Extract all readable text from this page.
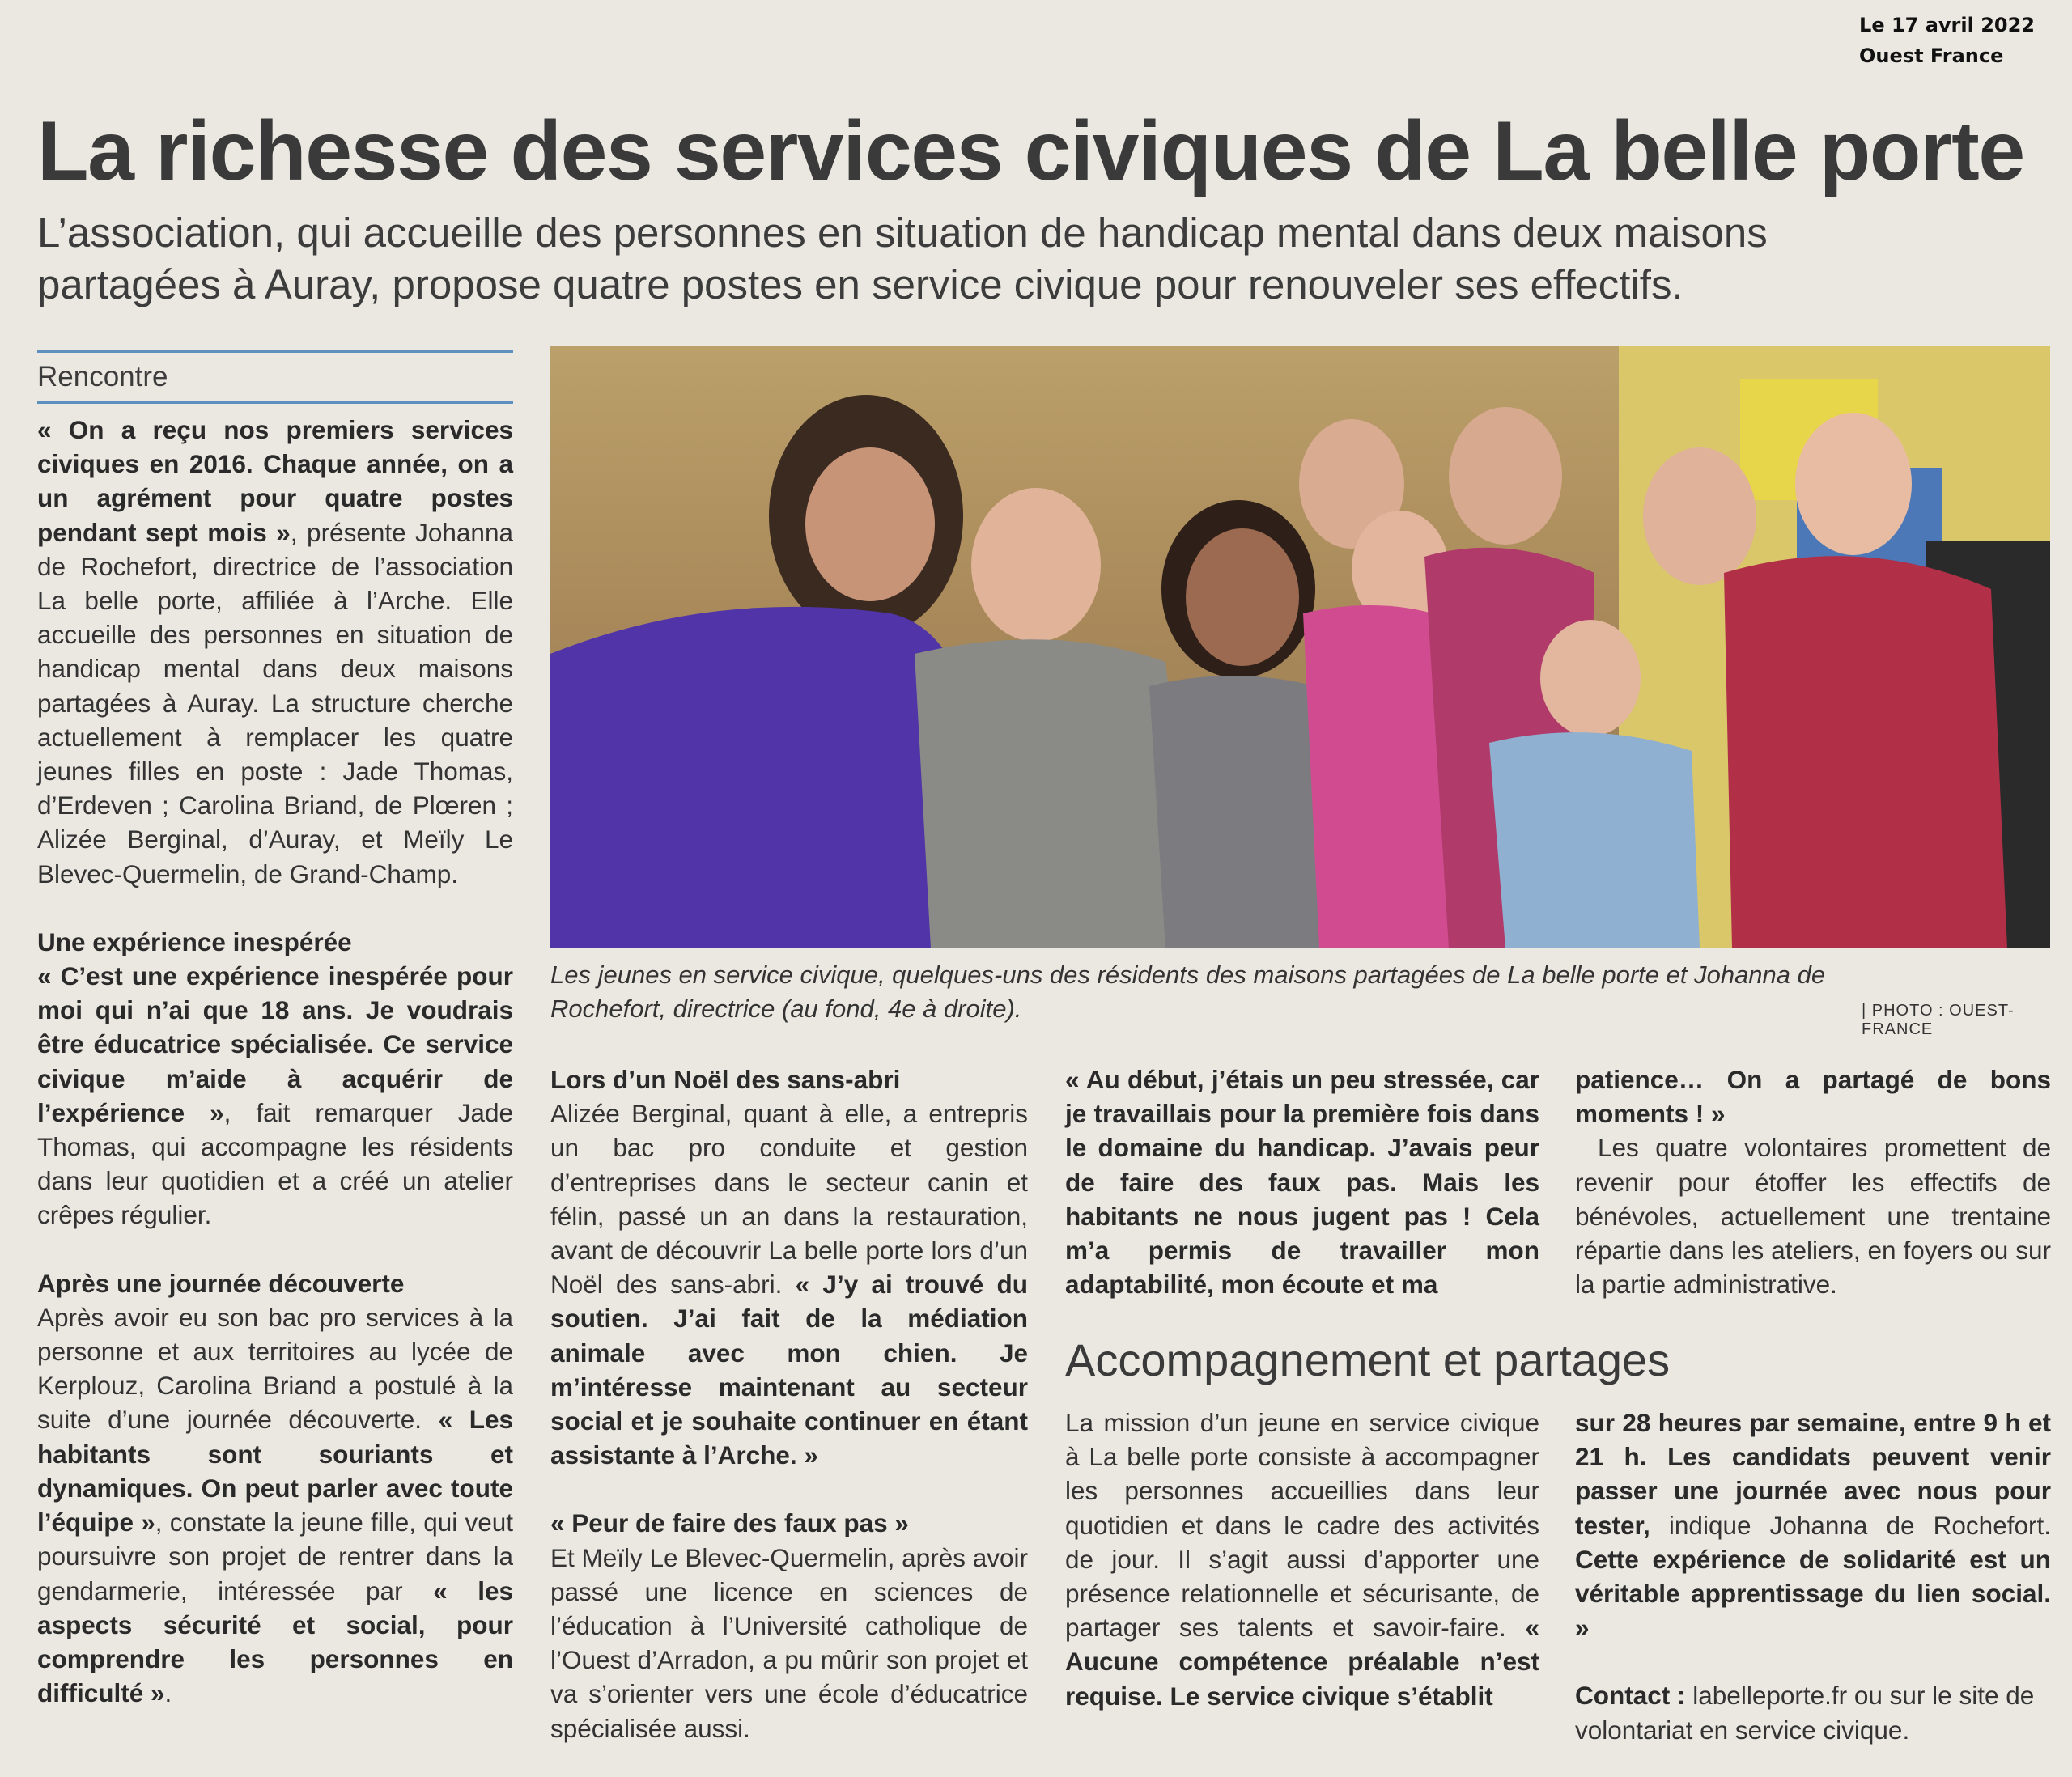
Le 17 avril 2022
Ouest France
La richesse des services civiques de La belle porte
L’association, qui accueille des personnes en situation de handicap mental dans deux maisons partagées à Auray, propose quatre postes en service civique pour renouveler ses effectifs.
Rencontre

« On a reçu nos premiers services civiques en 2016. Chaque année, on a un agrément pour quatre postes pendant sept mois », présente Johanna de Rochefort, directrice de l’association La belle porte, affiliée à l’Arche. Elle accueille des personnes en situation de handicap mental dans deux maisons partagées à Auray. La structure cherche actuellement à remplacer les quatre jeunes filles en poste : Jade Thomas, d’Erdeven ; Carolina Briand, de Plœren ; Alizée Berginal, d’Auray, et Meïly Le Blevec-Quermelin, de Grand-Champ.

Une expérience inespérée

« C’est une expérience inespérée pour moi qui n’ai que 18 ans. Je voudrais être éducatrice spécialisée. Ce service civique m’aide à acquérir de l’expérience », fait remarquer Jade Thomas, qui accompagne les résidents dans leur quotidien et a créé un atelier crêpes régulier.

Après une journée découverte

Après avoir eu son bac pro services à la personne et aux territoires au lycée de Kerplouz, Carolina Briand a postulé à la suite d’une journée découverte. « Les habitants sont souriants et dynamiques. On peut parler avec toute l’équipe », constate la jeune fille, qui veut poursuivre son projet de rentrer dans la gendarmerie, intéressée par « les aspects sécurité et social, pour comprendre les personnes en difficulté ».

Les jeunes en service civique, quelques-uns des résidents des maisons partagées de La belle porte et Johanna de Rochefort, directrice (au fond, 4e à droite).	| PHOTO : OUEST-FRANCE
Lors d’un Noël des sans-abri

Alizée Berginal, quant à elle, a entrepris un bac pro conduite et gestion d’entreprises dans le secteur canin et félin, passé un an dans la restauration, avant de découvrir La belle porte lors d’un Noël des sans-abri. « J’y ai trouvé du soutien. J’ai fait de la médiation animale avec mon chien. Je m’intéresse maintenant au secteur social et je souhaite continuer en étant assistante à l’Arche. »

« Peur de faire des faux pas »

Et Meïly Le Blevec-Quermelin, après avoir passé une licence en sciences de l’éducation à l’Université catholique de l’Ouest d’Arradon, a pu mûrir son projet et va s’orienter vers une école d’éducatrice spécialisée aussi.

« Au début, j’étais un peu stressée, car je travaillais pour la première fois dans le domaine du handicap. J’avais peur de faire des faux pas. Mais les habitants ne nous jugent pas ! Cela m’a permis de travailler mon adaptabilité, mon écoute et ma

patience… On a partagé de bons moments ! »

Les quatre volontaires promettent de revenir pour étoffer les effectifs de bénévoles, actuellement une trentaine répartie dans les ateliers, en foyers ou sur la partie administrative.

Accompagnement et partages

La mission d’un jeune en service civique à La belle porte consiste à accompagner les personnes accueillies dans leur quotidien et dans le cadre des activités de jour. Il s’agit aussi d’apporter une présence relationnelle et sécurisante, de partager ses talents et savoir-faire. « Aucune compétence préalable n’est requise. Le service civique s’établit

sur 28 heures par semaine, entre 9 h et 21 h. Les candidats peuvent venir passer une journée avec nous pour tester, indique Johanna de Rochefort. Cette expérience de solidarité est un véritable apprentissage du lien social. »

Contact : labelleporte.fr ou sur le site de volontariat en service civique.
